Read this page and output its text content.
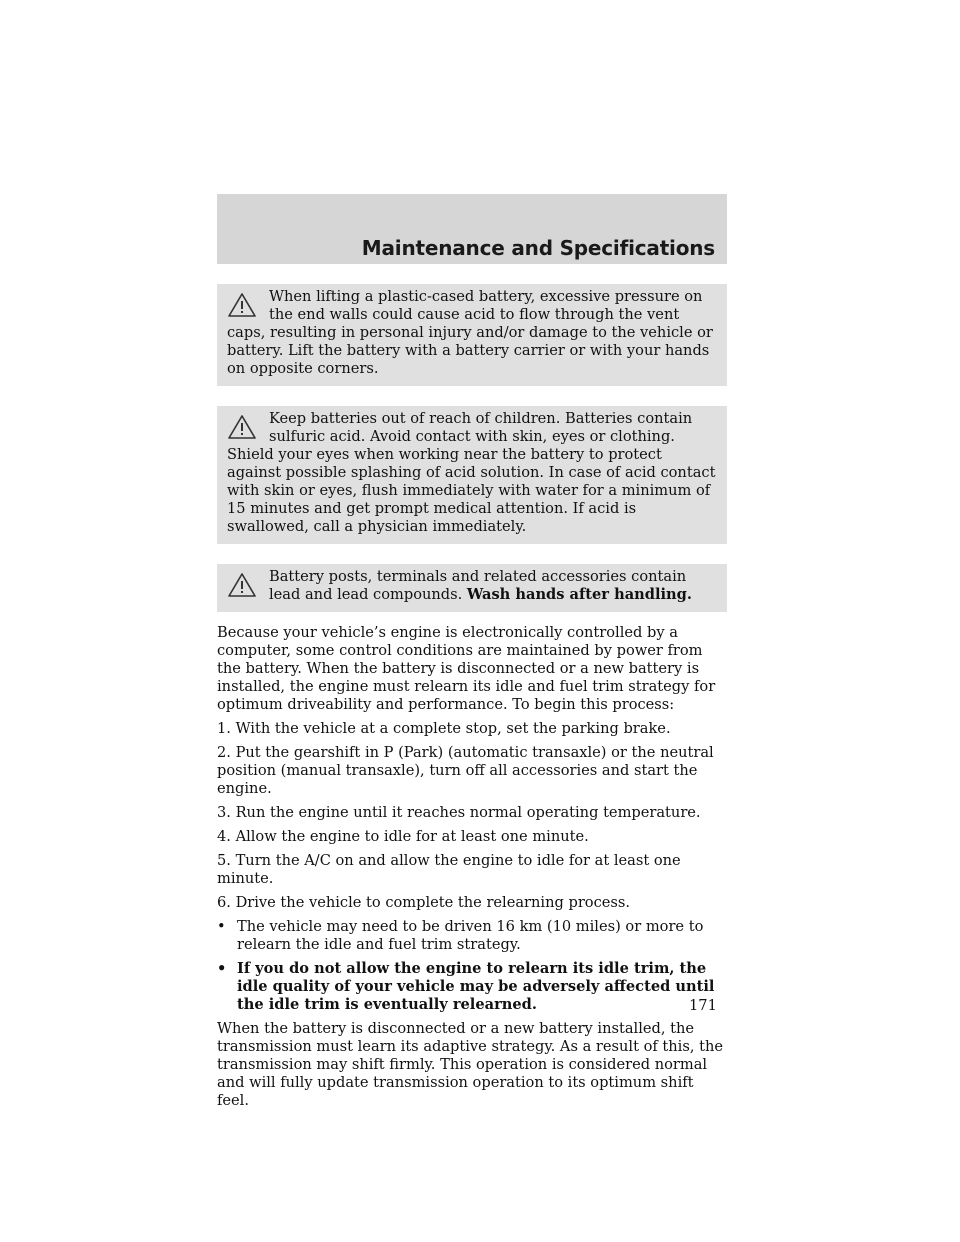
Maintenance and Specifications
When lifting a plastic-cased battery, excessive pressure on the end walls could cause acid to flow through the vent caps, resulting in personal injury and/or damage to the vehicle or battery. Lift the battery with a battery carrier or with your hands on opposite corners.
Keep batteries out of reach of children. Batteries contain sulfuric acid. Avoid contact with skin, eyes or clothing. Shield your eyes when working near the battery to protect against possible splashing of acid solution. In case of acid contact with skin or eyes, flush immediately with water for a minimum of 15 minutes and get prompt medical attention. If acid is swallowed, call a physician immediately.
Battery posts, terminals and related accessories contain lead and lead compounds. Wash hands after handling.

Because your vehicle’s engine is electronically controlled by a computer, some control conditions are maintained by power from the battery. When the battery is disconnected or a new battery is installed, the engine must relearn its idle and fuel trim strategy for optimum driveability and performance. To begin this process:

1. With the vehicle at a complete stop, set the parking brake.

2. Put the gearshift in P (Park) (automatic transaxle) or the neutral position (manual transaxle), turn off all accessories and start the engine.

3. Run the engine until it reaches normal operating temperature.

4. Allow the engine to idle for at least one minute.

5. Turn the A/C on and allow the engine to idle for at least one minute.

6. Drive the vehicle to complete the relearning process.

• The vehicle may need to be driven 16 km (10 miles) or more to relearn the idle and fuel trim strategy.
• If you do not allow the engine to relearn its idle trim, the idle quality of your vehicle may be adversely affected until the idle trim is eventually relearned.

When the battery is disconnected or a new battery installed, the transmission must learn its adaptive strategy. As a result of this, the transmission may shift firmly. This operation is considered normal and will fully update transmission operation to its optimum shift feel.

171
